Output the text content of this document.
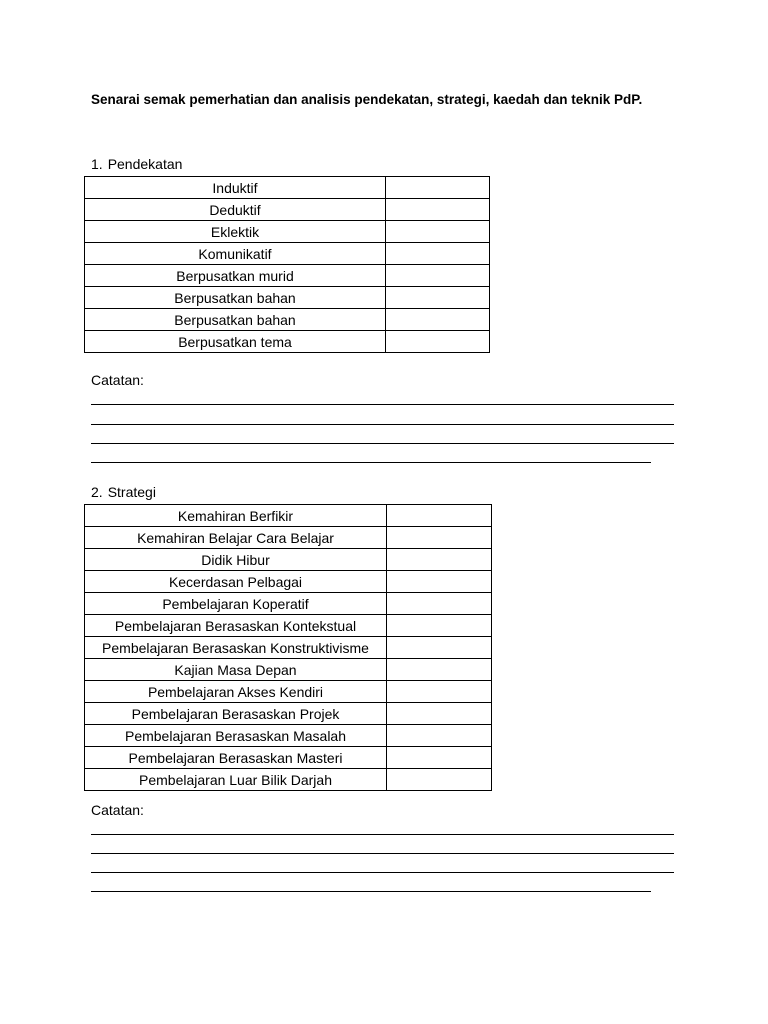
Senarai semak pemerhatian dan analisis pendekatan, strategi, kaedah dan teknik PdP.
1. Pendekatan
Induktif	
Deduktif	
Eklektik	
Komunikatif	
Berpusatkan murid	
Berpusatkan bahan	
Berpusatkan bahan	
Berpusatkan tema	
Catatan:
2. Strategi
Kemahiran Berfikir	
Kemahiran Belajar Cara Belajar	
Didik Hibur	
Kecerdasan Pelbagai	
Pembelajaran Koperatif	
Pembelajaran Berasaskan Kontekstual	
Pembelajaran Berasaskan Konstruktivisme	
Kajian Masa Depan	
Pembelajaran Akses Kendiri	
Pembelajaran Berasaskan Projek	
Pembelajaran Berasaskan Masalah	
Pembelajaran Berasaskan Masteri	
Pembelajaran Luar Bilik Darjah	
Catatan:
